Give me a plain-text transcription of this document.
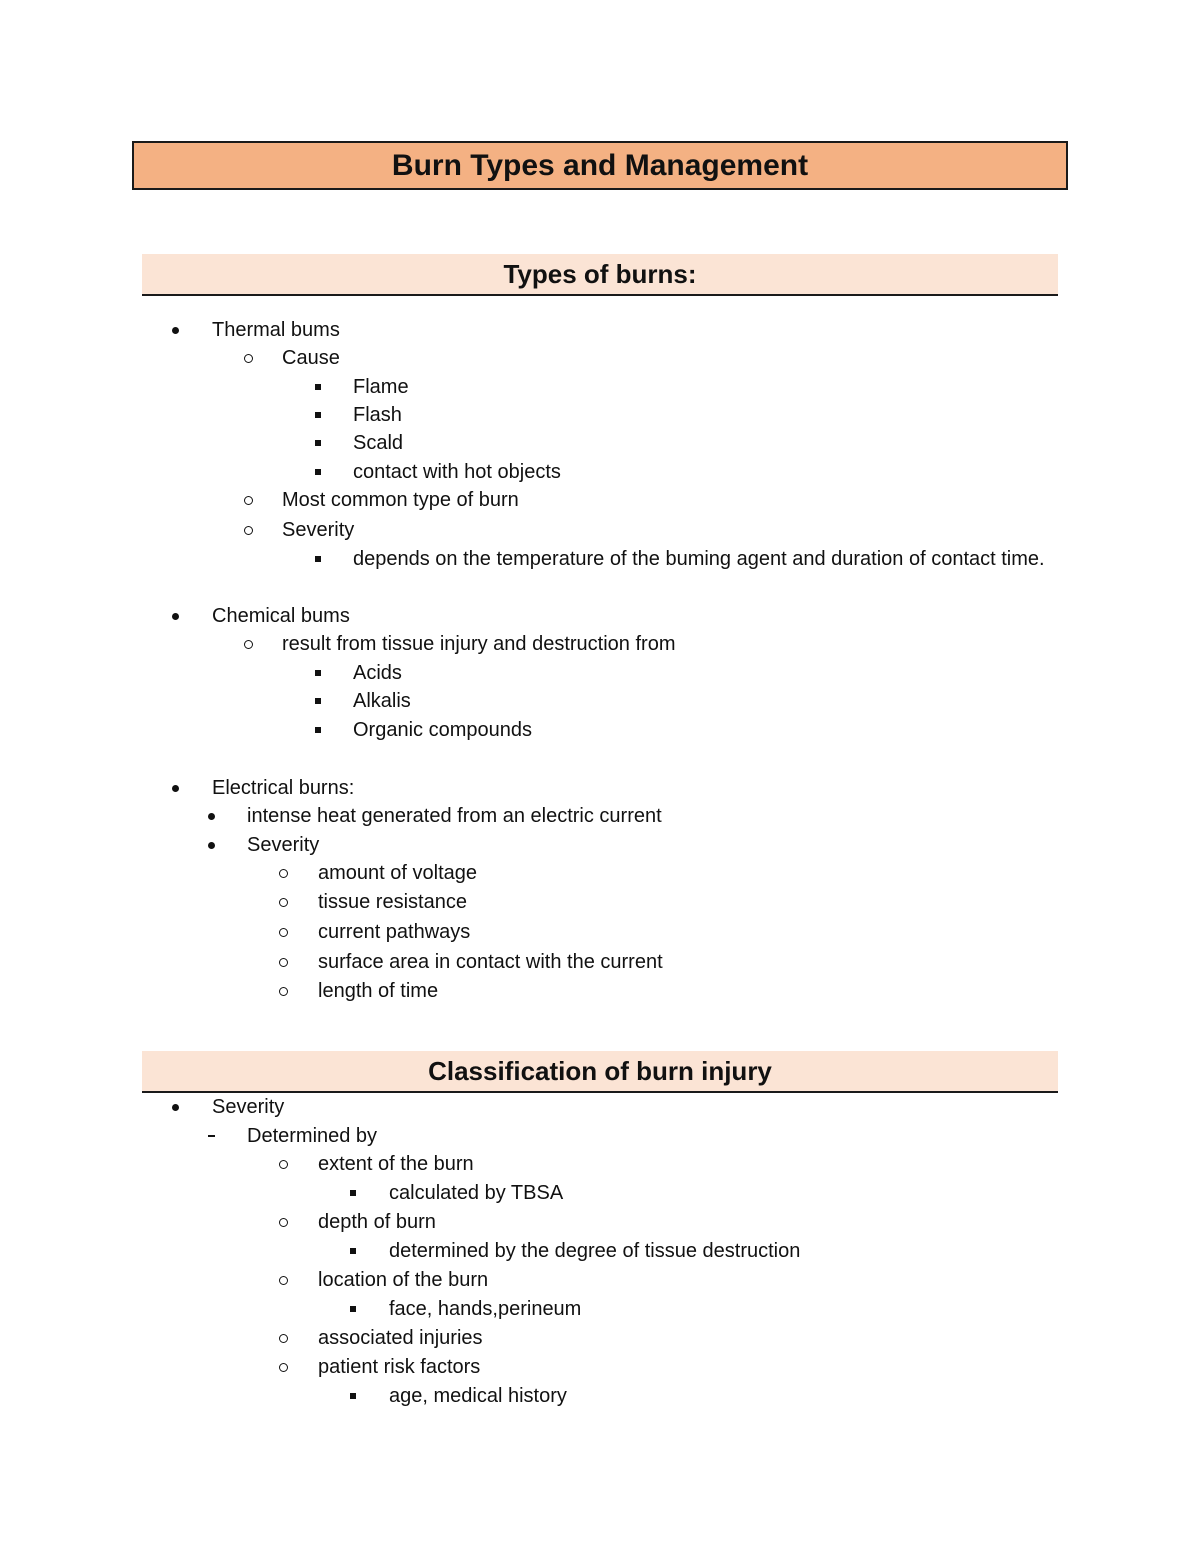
Burn Types and Management
Types of burns:
Classification of burn injury
Thermal bums
Cause
Flame
Flash
Scald
contact with hot objects
Most common type of burn
Severity
depends on the temperature of the buming agent and duration of contact time.
Chemical bums
result from tissue injury and destruction from
Acids
Alkalis
Organic compounds
Electrical burns:
intense heat generated from an electric current
Severity
amount of voltage
tissue resistance
current pathways
surface area in contact with the current
length of time
Severity
Determined by
extent of the burn
calculated by TBSA
depth of burn
determined by the degree of tissue destruction
location of the burn
face, hands,perineum
associated injuries
patient risk factors
age, medical history
